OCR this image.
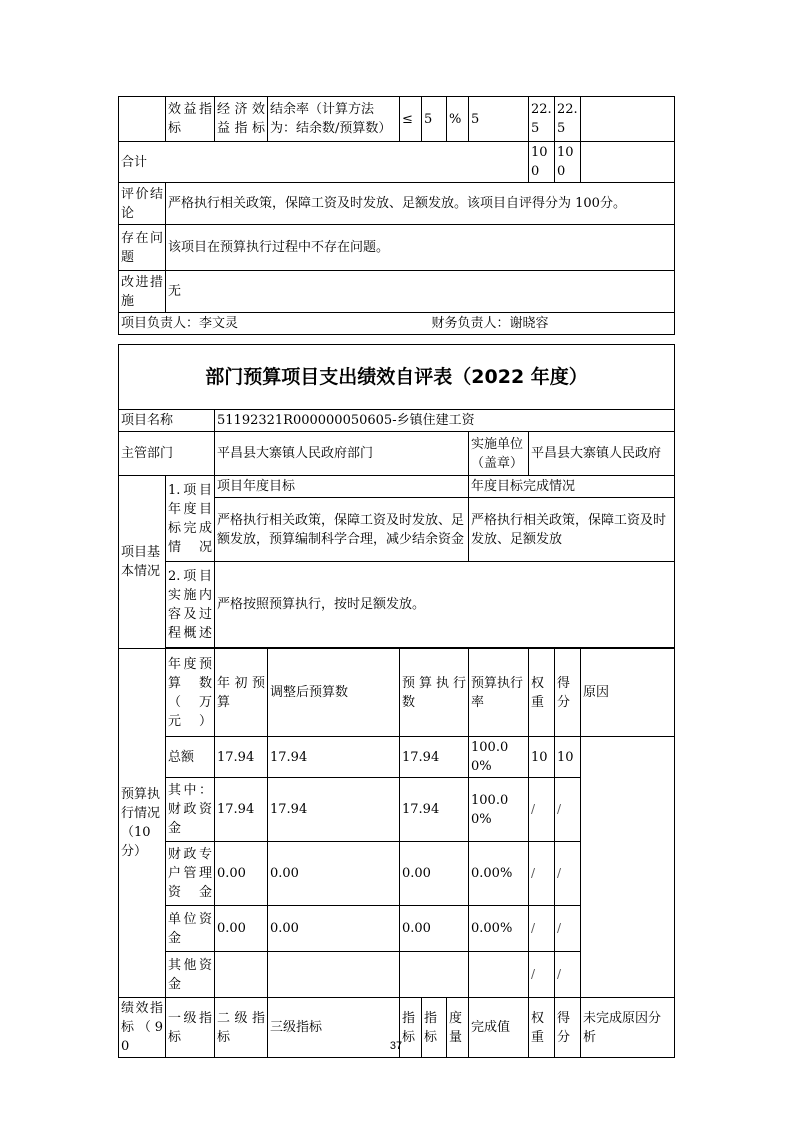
	效益指标	经济效益指标	结余率（计算方法为：结余数/预算数）	≤	5	%	5	22.5	22.5	
合计								100	100	
评价结论	严格执行相关政策，保障工资及时发放、足额发放。该项目自评得分为 100分。									
存在问题	该项目在预算执行过程中不存在问题。									
改进措施	无									
项目负责人：李文灵					财务负责人：谢晓容					
部门预算项目支出绩效自评表（2022 年度）										
项目名称		51192321R000000050605-乡镇住建工资								
主管部门		平昌县大寨镇人民政府部门					实施单位（盖章）	平昌县大寨镇人民政府		
项目基本情况	1.项目年度目标完成情况	项目年度目标					年度目标完成情况			
		严格执行相关政策，保障工资及时发放、足额发放，预算编制科学合理，减少结余资金					严格执行相关政策，保障工资及时发放、足额发放			
	2.项目实施内容及过程概述	严格按照预算执行，按时足额发放。								

预算执行情况（10分）	年度预算数（万元）	年初预算	调整后预算数	预算执行数			预算执行率	权重	得分	原因
	总额	17.94	17.94	17.94			100.00%	10	10	
	其中：财政资金	17.94	17.94	17.94			100.00%	/	/	
	财政专户管理资金	0.00	0.00	0.00			0.00%	/	/	
	单位资金	0.00	0.00	0.00			0.00%	/	/	
	其他资金							/	/	
绩效指标（90	一级指标	二级指标	三级指标	指标	指标	度量	完成值	权重	得分	未完成原因分析
37
